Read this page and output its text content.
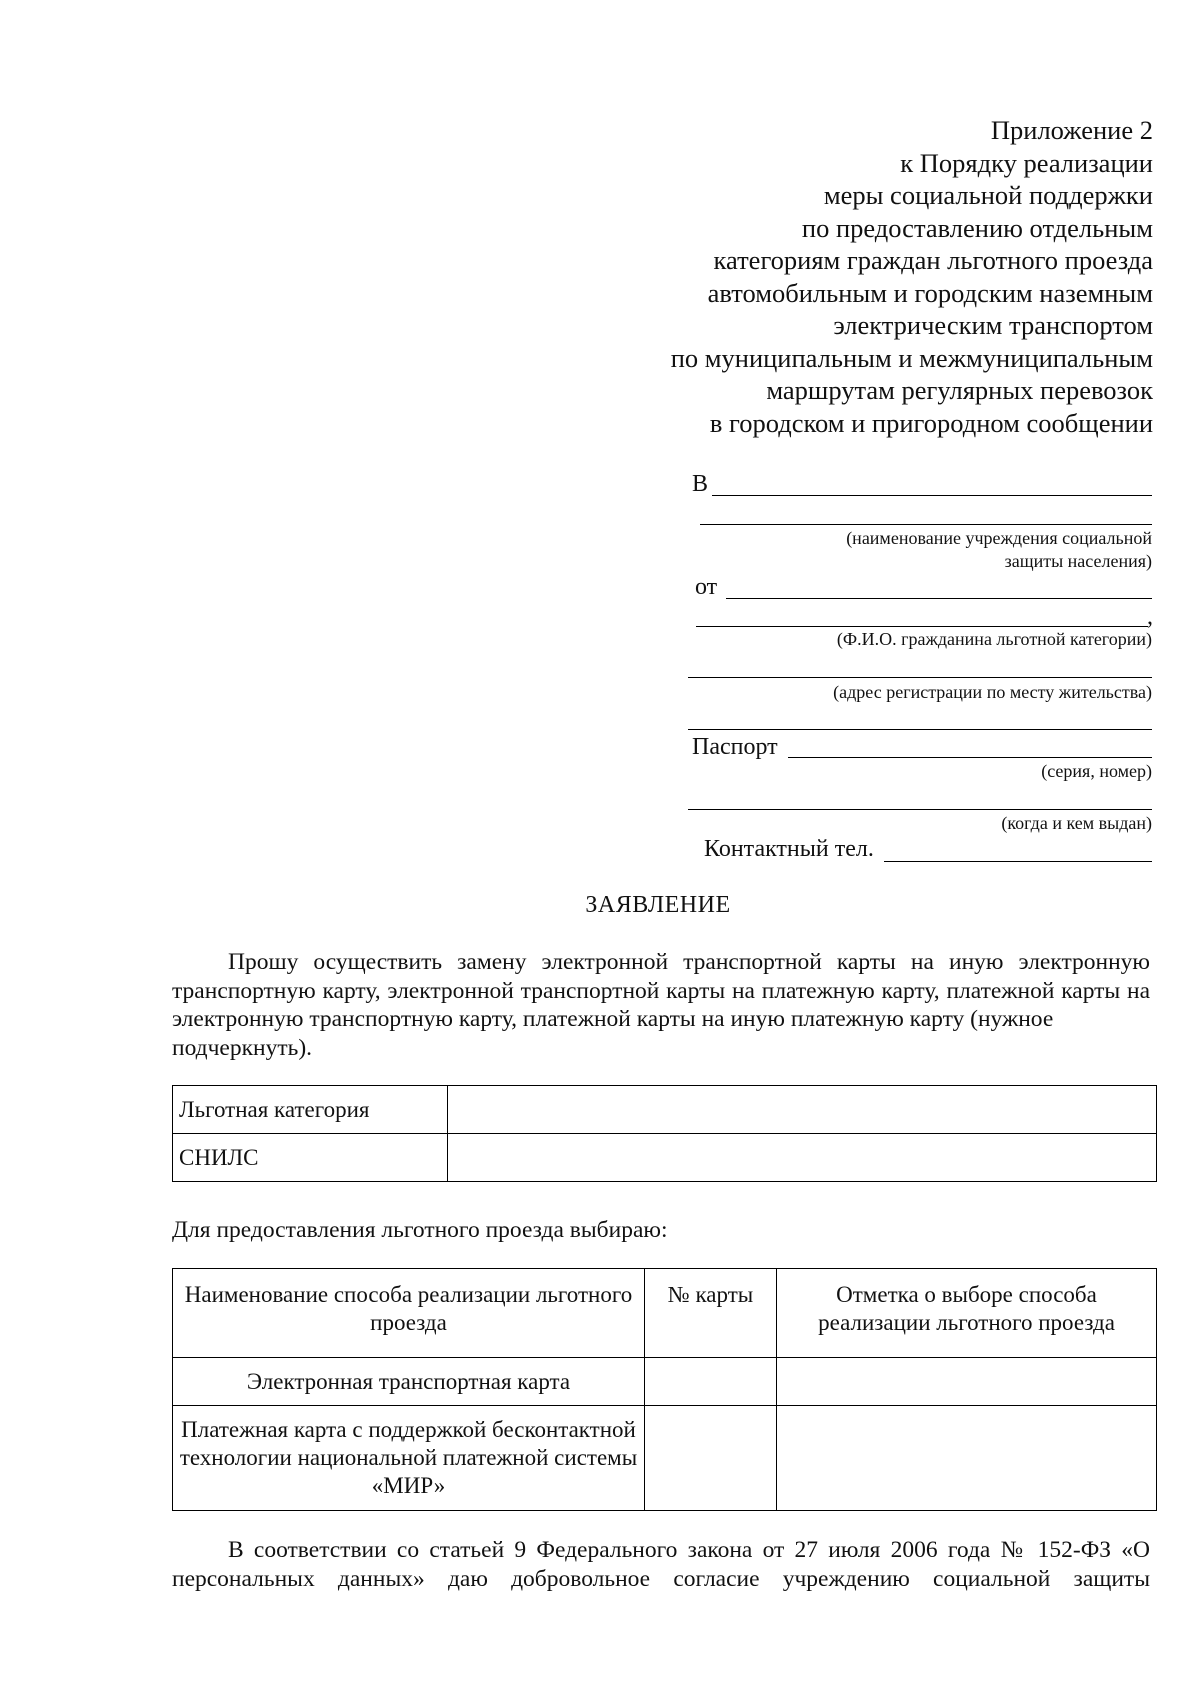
Приложение 2
к Порядку реализации
меры социальной поддержки
по предоставлению отдельным
категориям граждан льготного проезда
автомобильным и городским наземным
электрическим транспортом
по муниципальным и межмуниципальным
маршрутам регулярных перевозок
в городском и пригородном сообщении
В
(наименование учреждения социальной
защиты населения)
от
,
(Ф.И.О. гражданина льготной категории)
(адрес регистрации по месту жительства)
Паспорт
(серия, номер)
(когда и кем выдан)
Контактный тел.
ЗАЯВЛЕНИЕ
Прошу осуществить замену электронной транспортной карты на иную электронную транспортную карту, электронной транспортной карты на платежную карту, платежной карты на электронную транспортную карту, платежной карты на иную платежную карту (нужное
подчеркнуть).
Льготная категория	
СНИЛС	
Для предоставления льготного проезда выбираю:
Наименование способа реализации льготного проезда	№ карты	Отметка о выборе способа реализации льготного проезда
Электронная транспортная карта		
Платежная карта с поддержкой бесконтактной технологии национальной платежной системы «МИР»		
В соответствии со статьей 9 Федерального закона от 27 июля 2006 года № 152-ФЗ «О персональных данных» даю добровольное согласие учреждению социальной защиты
